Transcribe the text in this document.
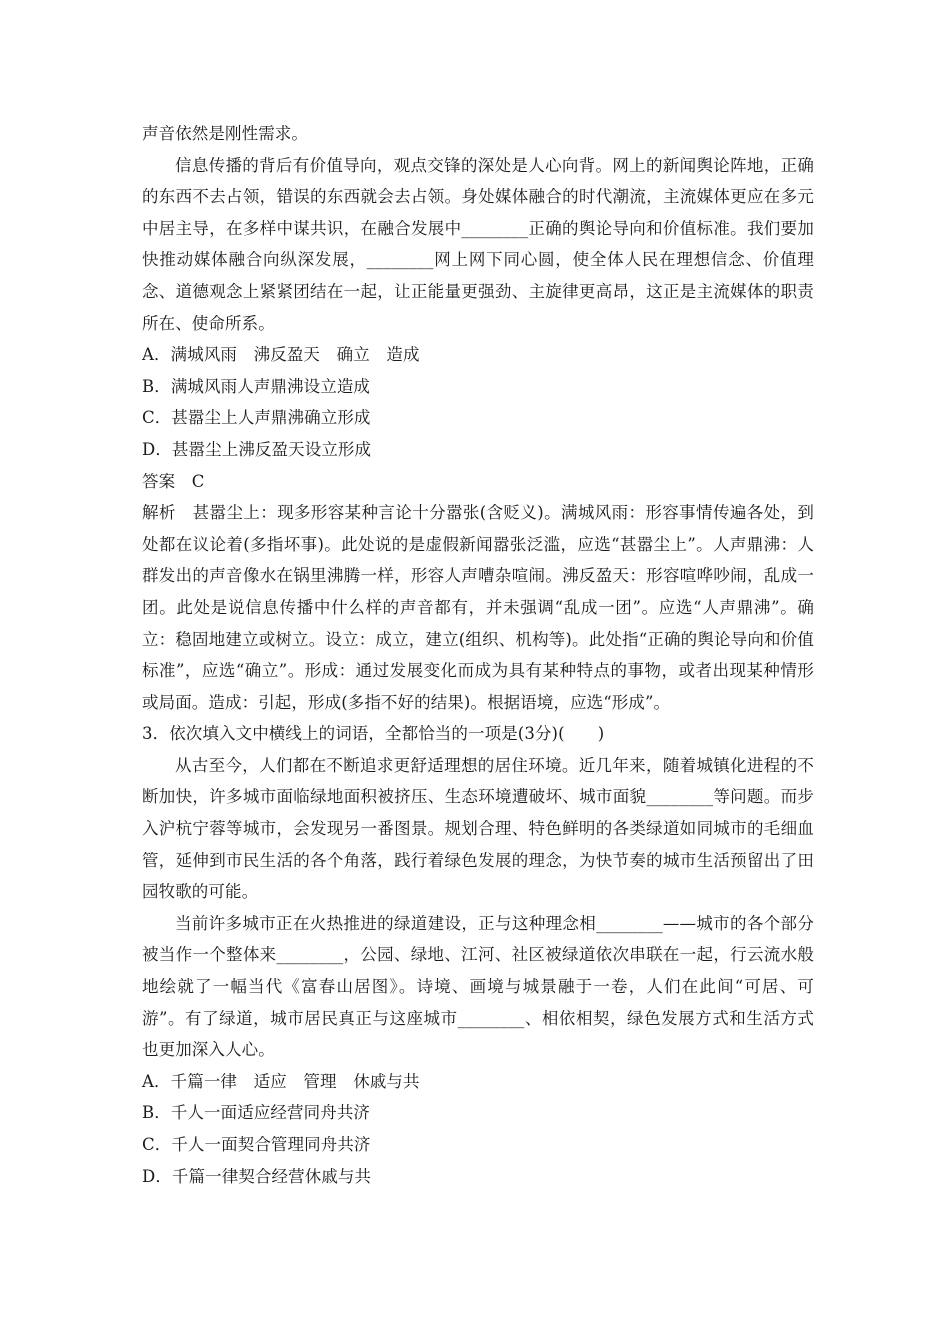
声音依然是刚性需求。

信息传播的背后有价值导向，观点交锋的深处是人心向背。网上的新闻舆论阵地，正确的东西不去占领，错误的东西就会去占领。身处媒体融合的时代潮流，主流媒体更应在多元中居主导，在多样中谋共识，在融合发展中________正确的舆论导向和价值标准。我们要加快推动媒体融合向纵深发展，________网上网下同心圆，使全体人民在理想信念、价值理念、道德观念上紧紧团结在一起，让正能量更强劲、主旋律更高昂，这正是主流媒体的职责所在、使命所系。

A．满城风雨　沸反盈天　确立　造成

B．满城风雨人声鼎沸设立造成

C．甚嚣尘上人声鼎沸确立形成

D．甚嚣尘上沸反盈天设立形成

答案　C

解析　甚嚣尘上：现多形容某种言论十分嚣张(含贬义)。满城风雨：形容事情传遍各处，到处都在议论着(多指坏事)。此处说的是虚假新闻嚣张泛滥，应选“甚嚣尘上”。人声鼎沸：人群发出的声音像水在锅里沸腾一样，形容人声嘈杂喧闹。沸反盈天：形容喧哗吵闹，乱成一团。此处是说信息传播中什么样的声音都有，并未强调“乱成一团”。应选“人声鼎沸”。确立：稳固地建立或树立。设立：成立，建立(组织、机构等)。此处指“正确的舆论导向和价值标准”，应选“确立”。形成：通过发展变化而成为具有某种特点的事物，或者出现某种情形或局面。造成：引起，形成(多指不好的结果)。根据语境，应选“形成”。

3．依次填入文中横线上的词语，全都恰当的一项是(3分)(　　)

从古至今，人们都在不断追求更舒适理想的居住环境。近几年来，随着城镇化进程的不断加快，许多城市面临绿地面积被挤压、生态环境遭破坏、城市面貌________等问题。而步入沪杭宁蓉等城市，会发现另一番图景。规划合理、特色鲜明的各类绿道如同城市的毛细血管，延伸到市民生活的各个角落，践行着绿色发展的理念，为快节奏的城市生活预留出了田园牧歌的可能。

当前许多城市正在火热推进的绿道建设，正与这种理念相________——城市的各个部分被当作一个整体来________，公园、绿地、江河、社区被绿道依次串联在一起，行云流水般地绘就了一幅当代《富春山居图》。诗境、画境与城景融于一卷，人们在此间“可居、可游”。有了绿道，城市居民真正与这座城市________、相依相契，绿色发展方式和生活方式也更加深入人心。

A．千篇一律　适应　管理　休戚与共

B．千人一面适应经营同舟共济

C．千人一面契合管理同舟共济

D．千篇一律契合经营休戚与共
